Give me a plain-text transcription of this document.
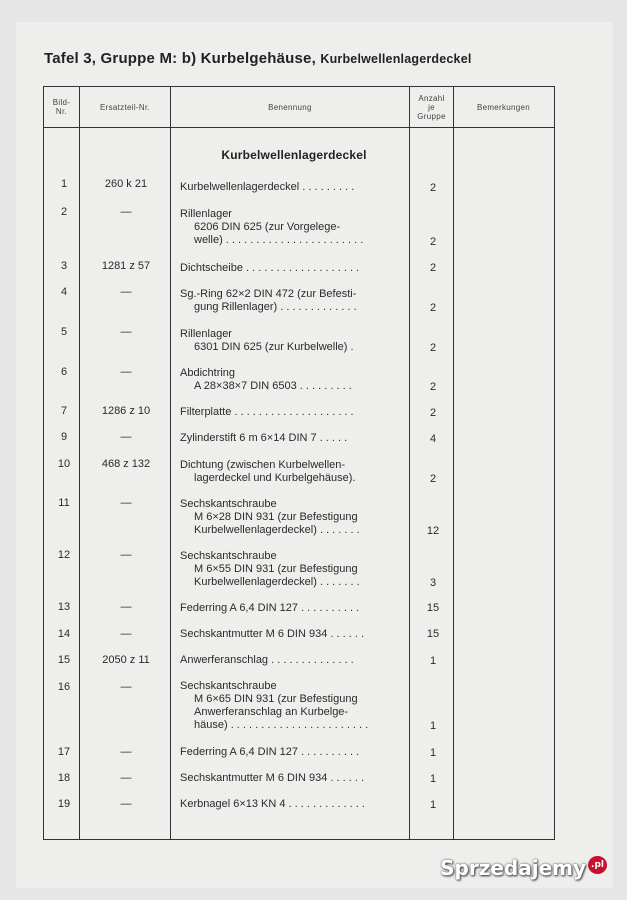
Tafel 3, Gruppe M: b) Kurbelgehäuse, Kurbelwellenlagerdeckel
Bild-
Nr.	Ersatzteil-Nr.	Benennung
Anzahl
je
Gruppe
Bemerkungen
Kurbelwellenlagerdeckel
1	260 k 21	Kurbelwellenlagerdeckel . . . . . . . . .	2
2	—	Rillenlager
6206 DIN 625 (zur Vorgelege-
welle) . . . . . . . . . . . . . . . . . . . . . . .	2
3	1281 z 57	Dichtscheibe . . . . . . . . . . . . . . . . . . .	2
4	—	Sg.-Ring 62×2 DIN 472 (zur Befesti-
gung Rillenlager) . . . . . . . . . . . . .	2
5	—	Rillenlager
6301 DIN 625 (zur Kurbelwelle) .	2
6	—	Abdichtring
A 28×38×7 DIN 6503 . . . . . . . . .	2
7	1286 z 10	Filterplatte . . . . . . . . . . . . . . . . . . . .	2
9	—	Zylinderstift 6 m 6×14 DIN 7 . . . . .	4
10	468 z 132	Dichtung (zwischen Kurbelwellen-
lagerdeckel und Kurbelgehäuse).	2
11	—	Sechskantschraube
M 6×28 DIN 931 (zur Befestigung
Kurbelwellenlagerdeckel) . . . . . . .	12
12	—	Sechskantschraube
M 6×55 DIN 931 (zur Befestigung
Kurbelwellenlagerdeckel) . . . . . . .	3
13	—	Federring A 6,4 DIN 127 . . . . . . . . . .	15
14	—	Sechskantmutter M 6 DIN 934 . . . . . .	15
15	2050 z 11	Anwerferanschlag . . . . . . . . . . . . . .	1
16	—	Sechskantschraube
M 6×65 DIN 931 (zur Befestigung
Anwerferanschlag an Kurbelge-
häuse) . . . . . . . . . . . . . . . . . . . . . . .	1
17	—	Federring A 6,4 DIN 127 . . . . . . . . . .	1
18	—	Sechskantmutter M 6 DIN 934 . . . . . .	1
19	—	Kerbnagel 6×13 KN 4 . . . . . . . . . . . . .	1
Sprzedajemy .pl
